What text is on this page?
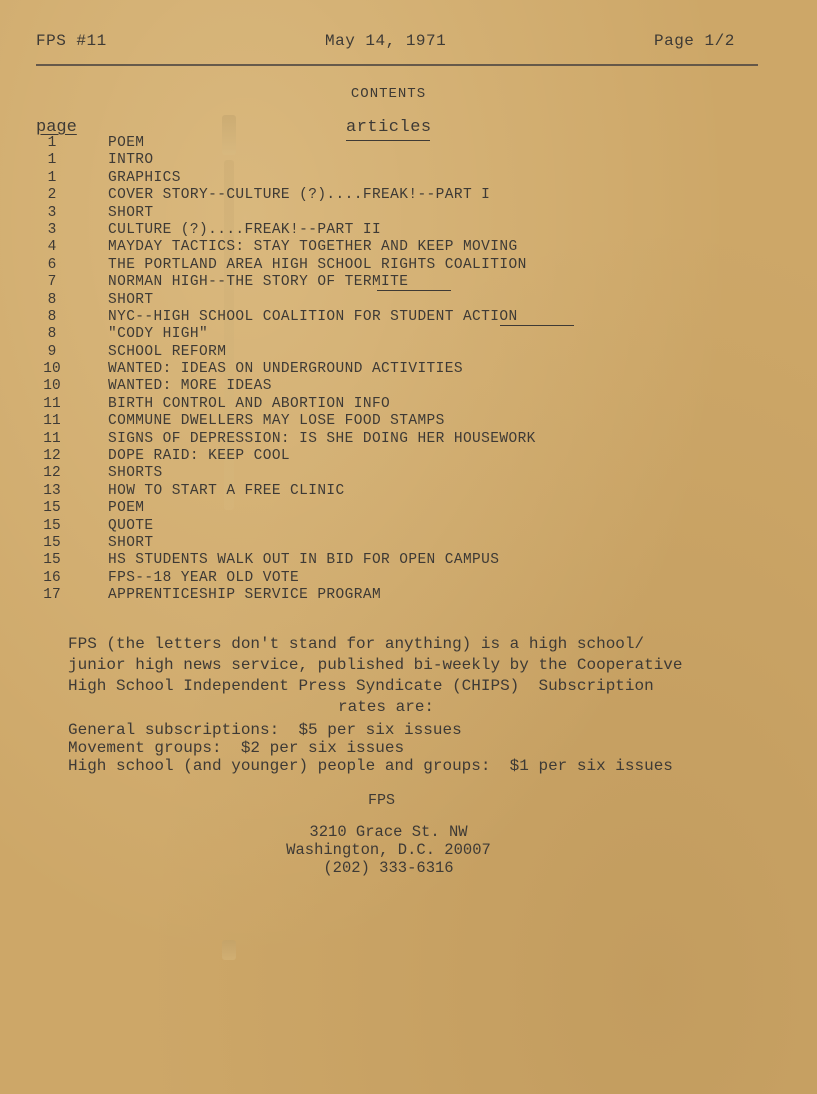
FPS #11	May 14, 1971	Page 1/2
CONTENTS
page	articles
1	POEM
1	INTRO
1	GRAPHICS
2	COVER STORY--CULTURE (?)....FREAK!--PART I
3	SHORT
3	CULTURE (?)....FREAK!--PART II
4	MAYDAY TACTICS: STAY TOGETHER AND KEEP MOVING
6	THE PORTLAND AREA HIGH SCHOOL RIGHTS COALITION
7	NORMAN HIGH--THE STORY OF TERMITE
8	SHORT
8	NYC--HIGH SCHOOL COALITION FOR STUDENT ACTION
8	"CODY HIGH"
9	SCHOOL REFORM
10	WANTED: IDEAS ON UNDERGROUND ACTIVITIES
10	WANTED: MORE IDEAS
11	BIRTH CONTROL AND ABORTION INFO
11	COMMUNE DWELLERS MAY LOSE FOOD STAMPS
11	SIGNS OF DEPRESSION: IS SHE DOING HER HOUSEWORK
12	DOPE RAID: KEEP COOL
12	SHORTS
13	HOW TO START A FREE CLINIC
15	POEM
15	QUOTE
15	SHORT
15	HS STUDENTS WALK OUT IN BID FOR OPEN CAMPUS
16	FPS--18 YEAR OLD VOTE
17	APPRENTICESHIP SERVICE PROGRAM
FPS (the letters don't stand for anything) is a high school/
junior high news service, published bi-weekly by the Cooperative
High School Independent Press Syndicate (CHIPS)  Subscription

rates are:
General subscriptions:  $5 per six issues
Movement groups:  $2 per six issues
High school (and younger) people and groups:  $1 per six issues
FPS
3210 Grace St. NW
Washington, D.C. 20007
(202) 333-6316
